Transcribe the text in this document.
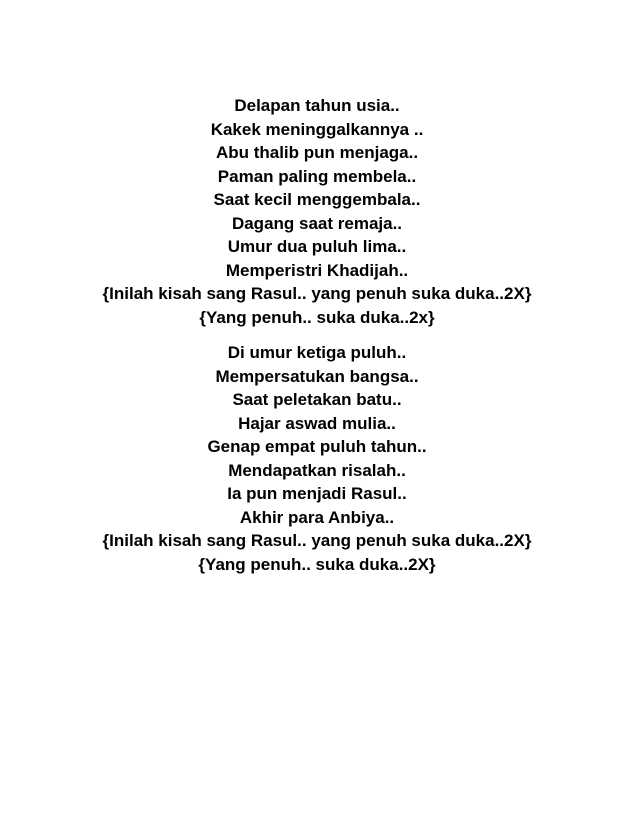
Delapan tahun usia..
Kakek meninggalkannya ..
Abu thalib pun menjaga..
Paman paling membela..
Saat kecil menggembala..
Dagang saat remaja..
Umur dua puluh lima..
Memperistri Khadijah..
{Inilah kisah sang Rasul.. yang penuh suka duka..2X}
{Yang penuh.. suka duka..2x}
Di umur ketiga puluh..
Mempersatukan bangsa..
Saat peletakan batu..
Hajar aswad mulia..
Genap empat puluh tahun..
Mendapatkan risalah..
Ia pun menjadi Rasul..
Akhir para Anbiya..
{Inilah kisah sang Rasul.. yang penuh suka duka..2X}
{Yang penuh.. suka duka..2X}
